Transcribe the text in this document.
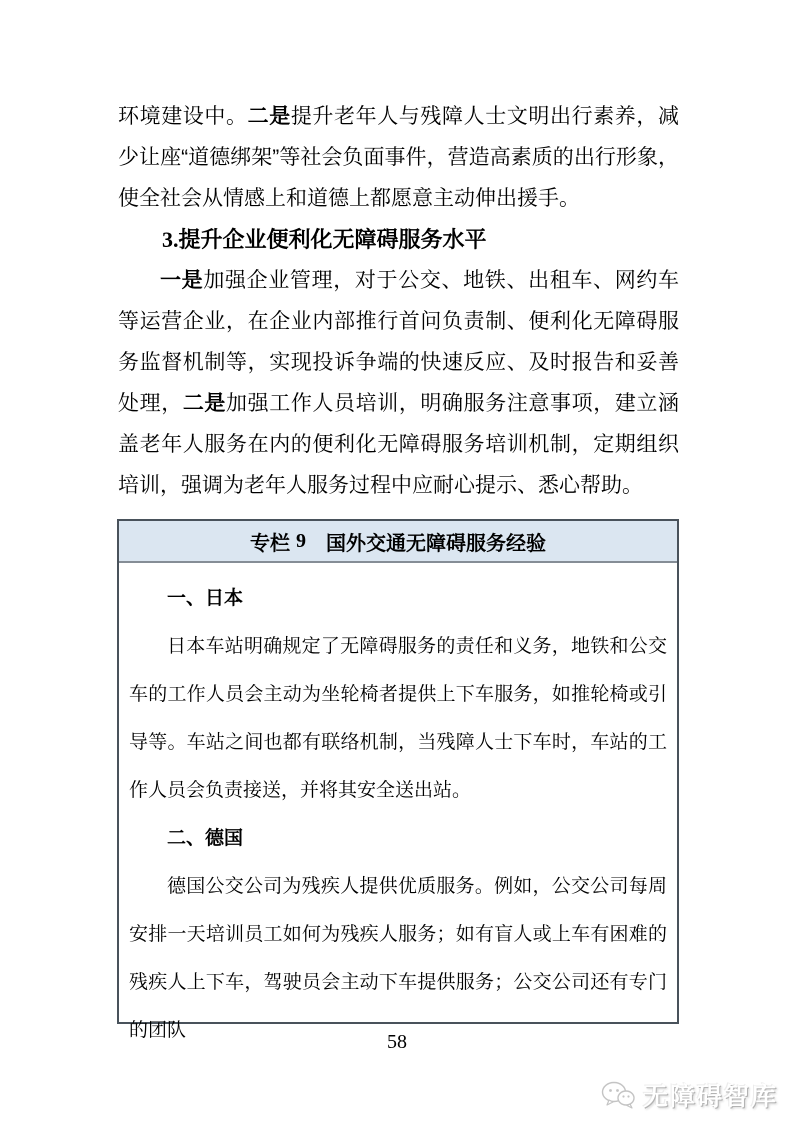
环境建设中。二是提升老年人与残障人士文明出行素养，减少让座“道德绑架”等社会负面事件，营造高素质的出行形象，使全社会从情感上和道德上都愿意主动伸出援手。

3.提升企业便利化无障碍服务水平

一是加强企业管理，对于公交、地铁、出租车、网约车等运营企业，在企业内部推行首问负责制、便利化无障碍服务监督机制等，实现投诉争端的快速反应、及时报告和妥善处理，二是加强工作人员培训，明确服务注意事项，建立涵盖老年人服务在内的便利化无障碍服务培训机制，定期组织培训，强调为老年人服务过程中应耐心提示、悉心帮助。

专栏 9 国外交通无障碍服务经验

一、日本

日本车站明确规定了无障碍服务的责任和义务，地铁和公交车的工作人员会主动为坐轮椅者提供上下车服务，如推轮椅或引导等。车站之间也都有联络机制，当残障人士下车时，车站的工作人员会负责接送，并将其安全送出站。

二、德国

德国公交公司为残疾人提供优质服务。例如，公交公司每周安排一天培训员工如何为残疾人服务；如有盲人或上车有困难的残疾人上下车，驾驶员会主动下车提供服务；公交公司还有专门的团队

58
无障碍智库
